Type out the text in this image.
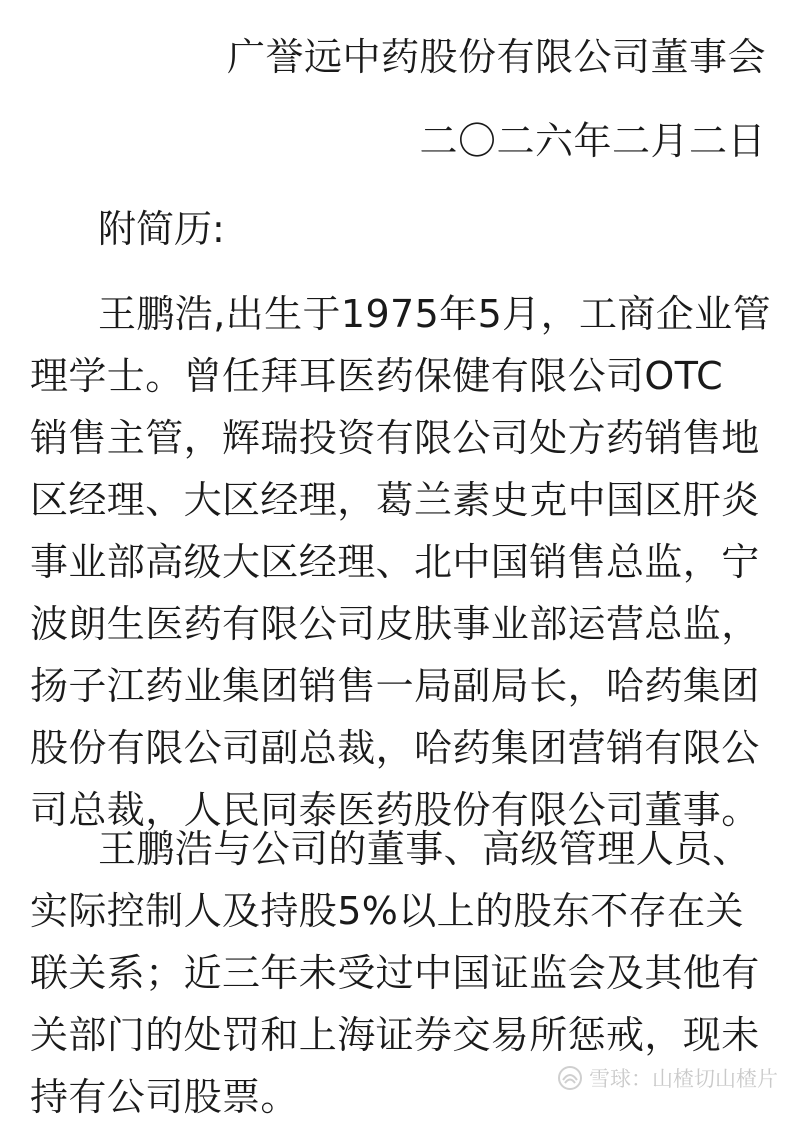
广誉远中药股份有限公司董事会
二〇二六年二月二日
附简历:
王鹏浩,出生于1975年5月，工商企业管
理学士。曾任拜耳医药保健有限公司OTC
销售主管，辉瑞投资有限公司处方药销售地
区经理、大区经理，葛兰素史克中国区肝炎
事业部高级大区经理、北中国销售总监，宁
波朗生医药有限公司皮肤事业部运营总监，
扬子江药业集团销售一局副局长，哈药集团
股份有限公司副总裁，哈药集团营销有限公
司总裁，人民同泰医药股份有限公司董事。
王鹏浩与公司的董事、高级管理人员、
实际控制人及持股5%以上的股东不存在关
联关系；近三年未受过中国证监会及其他有
关部门的处罚和上海证券交易所惩戒，现未
持有公司股票。	雪球：山楂切山楂片
